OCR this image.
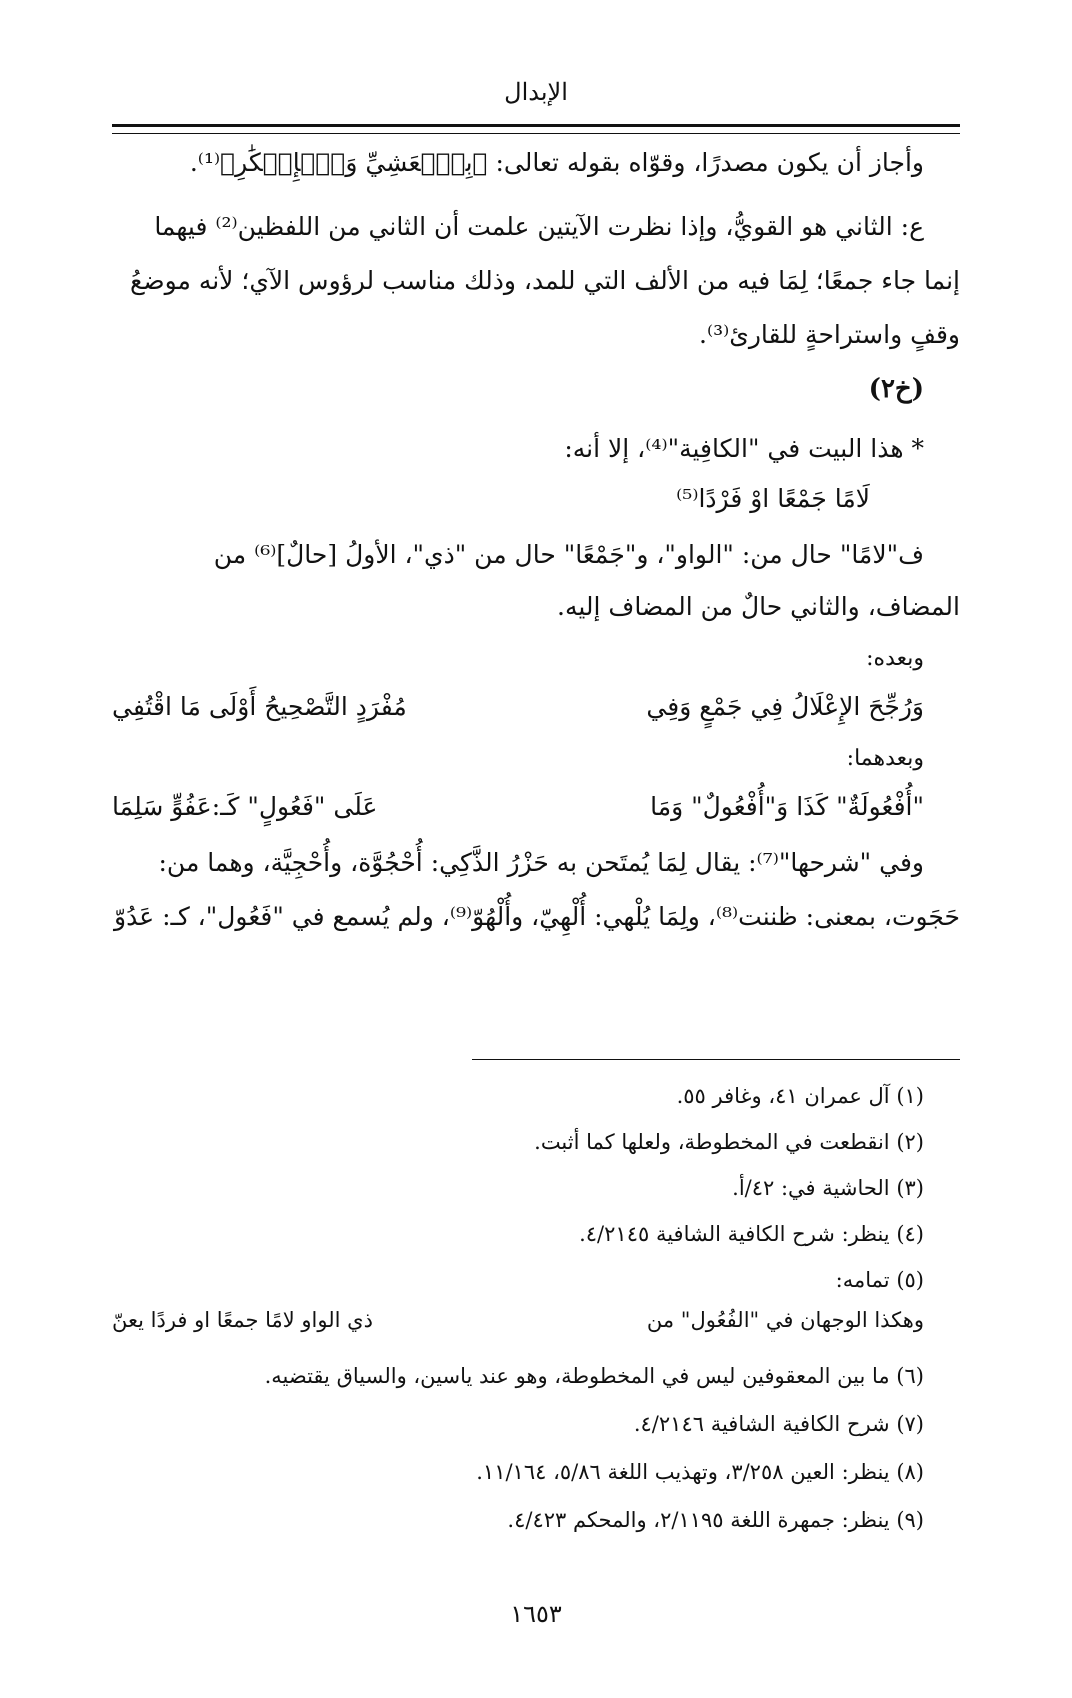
الإبدال
وأجاز أن يكون مصدرًا، وقوّاه بقوله تعالى: ﴿بِٱلۡعَشِيِّ وَٱلۡإِبۡكَٰرِ﴾⁽¹⁾.
ع: الثاني هو القويُّ، وإذا نظرت الآيتين علمت أن الثاني من اللفظين⁽²⁾ فيهما
إنما جاء جمعًا؛ لِمَا فيه من الألف التي للمد، وذلك مناسب لرؤوس الآي؛ لأنه موضعُ
وقفٍ واستراحةٍ للقارئ⁽³⁾.
(خ٢)
* هذا البيت في "الكافِية"⁽⁴⁾، إلا أنه:
لَامًا جَمْعًا اوْ فَرْدًا⁽⁵⁾
ف"لامًا" حال من: "الواو"، و"جَمْعًا" حال من "ذي"، الأولُ [حالٌ]⁽⁶⁾ من
المضاف، والثاني حالٌ من المضاف إليه.
وبعده:
وَرُجِّحَ الإِعْلَالُ فِي جَمْعٍ وَفِي
مُفْرَدٍ التَّصْحِيحُ أَوْلَى مَا اقْتُفِي
وبعدهما:
"أُفْعُولَةٌ" كَذَا وَ"أُفْعُولٌ" وَمَا
عَلَى "فَعُولٍ" كَـ:عَفُوٍّ سَلِمَا
وفي "شرحها"⁽⁷⁾: يقال لِمَا يُمتَحن به حَزْرُ الذَّكِي: أُحْجُوَّة، وأُحْجِيَّة، وهما من:
حَجَوت، بمعنى: ظننت⁽⁸⁾، ولِمَا يُلْهي: أُلْهِيّ، وأُلْهُوّ⁽⁹⁾، ولم يُسمع في "فَعُول"، كـ: عَدُوّ
(١) آل عمران ٤١، وغافر ٥٥.
(٢) انقطعت في المخطوطة، ولعلها كما أثبت.
(٣) الحاشية في: ٤٢/أ.
(٤) ينظر: شرح الكافية الشافية ٤/٢١٤٥.
(٥) تمامه:
وهكذا الوجهان في "الفُعُول" من
ذي الواو لامًا جمعًا او فردًا يعنّ
(٦) ما بين المعقوفين ليس في المخطوطة، وهو عند ياسين، والسياق يقتضيه.
(٧) شرح الكافية الشافية ٤/٢١٤٦.
(٨) ينظر: العين ٣/٢٥٨، وتهذيب اللغة ٥/٨٦، ١١/١٦٤.
(٩) ينظر: جمهرة اللغة ٢/١١٩٥، والمحكم ٤/٤٢٣.
١٦٥٣
